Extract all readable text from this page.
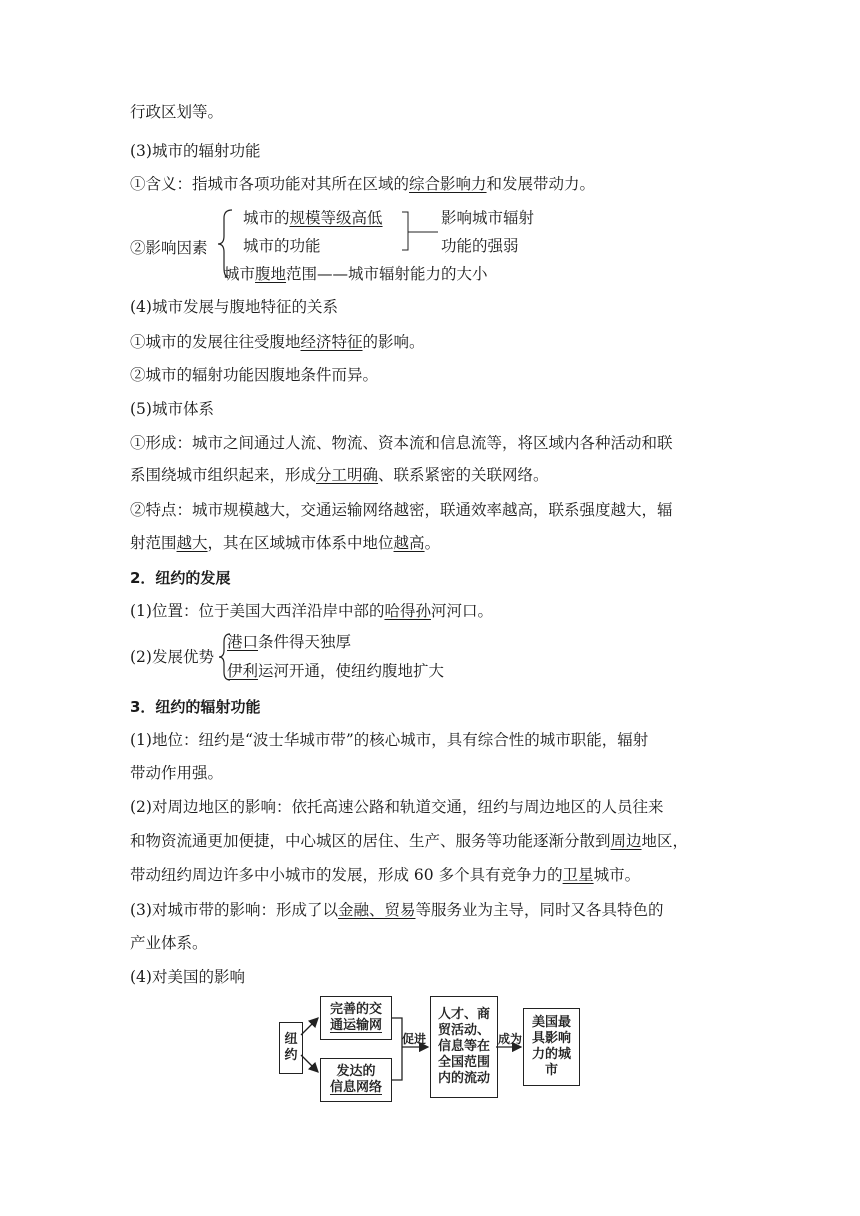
行政区划等。
(3)城市的辐射功能
①含义：指城市各项功能对其所在区域的综合影响力和发展带动力。
②影响因素
城市的规模等级高低
城市的功能
影响城市辐射
功能的强弱
城市腹地范围——城市辐射能力的大小
(4)城市发展与腹地特征的关系
①城市的发展往往受腹地经济特征的影响。
②城市的辐射功能因腹地条件而异。
(5)城市体系
①形成：城市之间通过人流、物流、资本流和信息流等，将区域内各种活动和联
系围绕城市组织起来，形成分工明确、联系紧密的关联网络。
②特点：城市规模越大，交通运输网络越密，联通效率越高，联系强度越大，辐
射范围越大，其在区域城市体系中地位越高。
2．纽约的发展
(1)位置：位于美国大西洋沿岸中部的哈得孙河河口。
(2)发展优势
港口条件得天独厚
伊利运河开通，使纽约腹地扩大
3．纽约的辐射功能
(1)地位：纽约是“波士华城市带”的核心城市，具有综合性的城市职能，辐射
带动作用强。
(2)对周边地区的影响：依托高速公路和轨道交通，纽约与周边地区的人员往来
和物资流通更加便捷，中心城区的居住、生产、服务等功能逐渐分散到周边地区，
带动纽约周边许多中小城市的发展，形成 60 多个具有竞争力的卫星城市。
(3)对城市带的影响：形成了以金融、贸易等服务业为主导，同时又各具特色的
产业体系。
(4)对美国的影响
纽
约
完善的交
通运输网
发达的
信息网络
促进
人才、商
贸活动、
信息等在
全国范围
内的流动
成为
美国最
具影响
力的城
市
